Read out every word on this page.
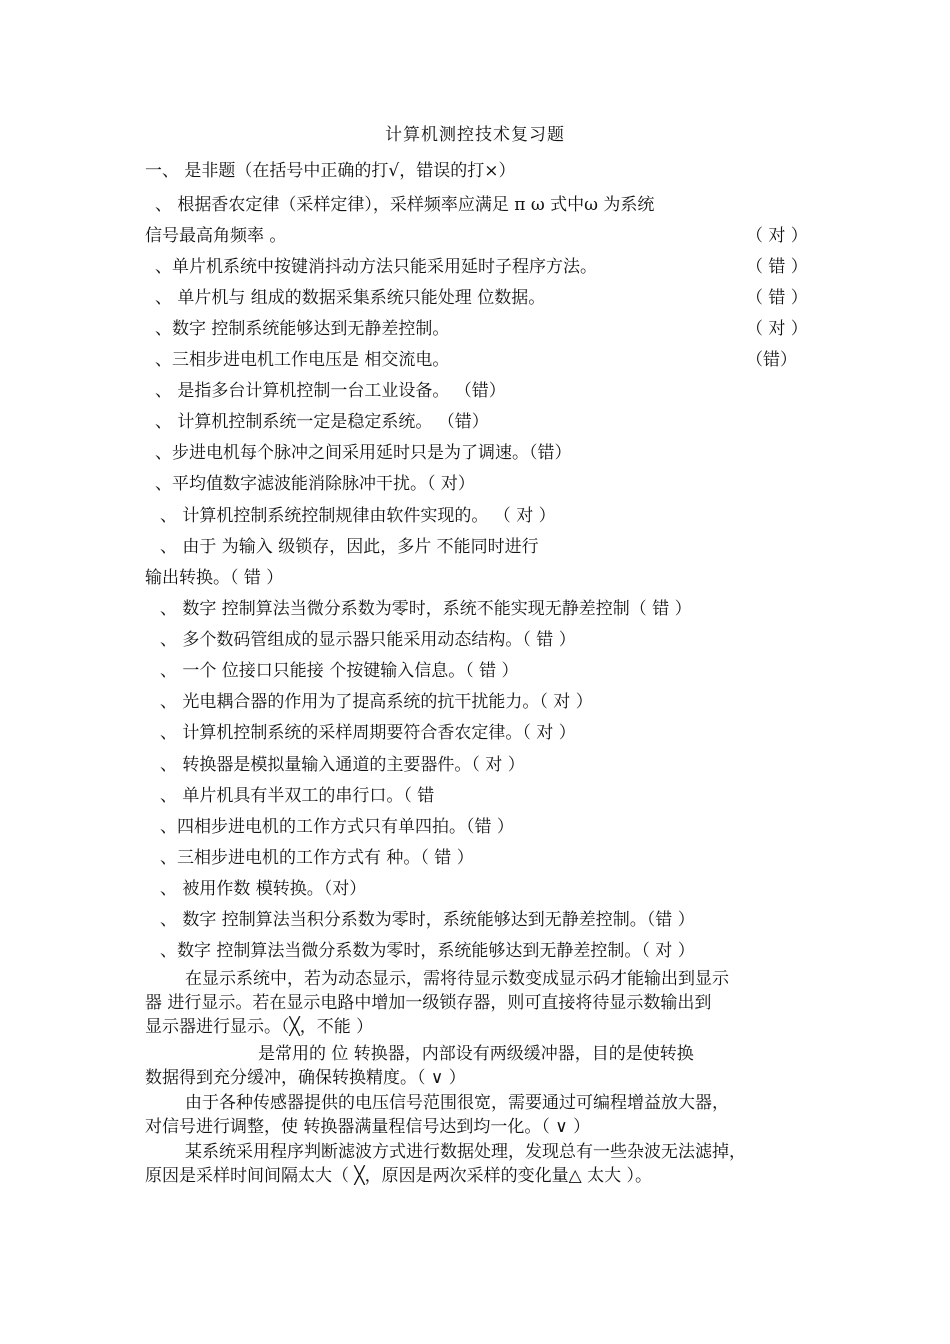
计算机测控技术复习题
一、 是非题（在括号中正确的打√，错误的打×）
、 根据香农定律（采样定律），采样频率应满足 π ω 式中ω 为系统
信号最高角频率 。	（ 对 ）
、单片机系统中按键消抖动方法只能采用延时子程序方法。	（ 错 ）
、 单片机与 组成的数据采集系统只能处理 位数据。	（ 错 ）
、数字 控制系统能够达到无静差控制。	（ 对 ）
、三相步进电机工作电压是 相交流电。	（错）
、 是指多台计算机控制一台工业设备。 （错）
、 计算机控制系统一定是稳定系统。 （错）
、步进电机每个脉冲之间采用延时只是为了调速。（错）
、平均值数字滤波能消除脉冲干扰。（ 对）
、 计算机控制系统控制规律由软件实现的。 （ 对 ）
、 由于 为输入 级锁存，因此，多片 不能同时进行
输出转换。（ 错 ）
、 数字 控制算法当微分系数为零时，系统不能实现无静差控制（ 错 ）
、 多个数码管组成的显示器只能采用动态结构。（ 错 ）
、 一个 位接口只能接 个按键输入信息。（ 错 ）
、 光电耦合器的作用为了提高系统的抗干扰能力。（ 对 ）
、 计算机控制系统的采样周期要符合香农定律。（ 对 ）
、 转换器是模拟量输入通道的主要器件。（ 对 ）
、 单片机具有半双工的串行口。（ 错
、四相步进电机的工作方式只有单四拍。（错 ）
、三相步进电机的工作方式有 种。（ 错 ）
、 被用作数 模转换。（对）
、 数字 控制算法当积分系数为零时，系统能够达到无静差控制。（错 ）
、数字 控制算法当微分系数为零时，系统能够达到无静差控制。（ 对 ）
在显示系统中，若为动态显示，需将待显示数变成显示码才能输出到显示
器 进行显示。若在显示电路中增加一级锁存器，则可直接将待显示数输出到
显示器进行显示。（╳，不能 ）
是常用的 位 转换器，内部设有两级缓冲器，目的是使转换
数据得到充分缓冲，确保转换精度。（ ∨ ）
由于各种传感器提供的电压信号范围很宽，需要通过可编程增益放大器，
对信号进行调整，使 转换器满量程信号达到均一化。（ ∨ ）
某系统采用程序判断滤波方式进行数据处理，发现总有一些杂波无法滤掉，
原因是采样时间间隔太大（ ╳，原因是两次采样的变化量△ 太大 ）。
